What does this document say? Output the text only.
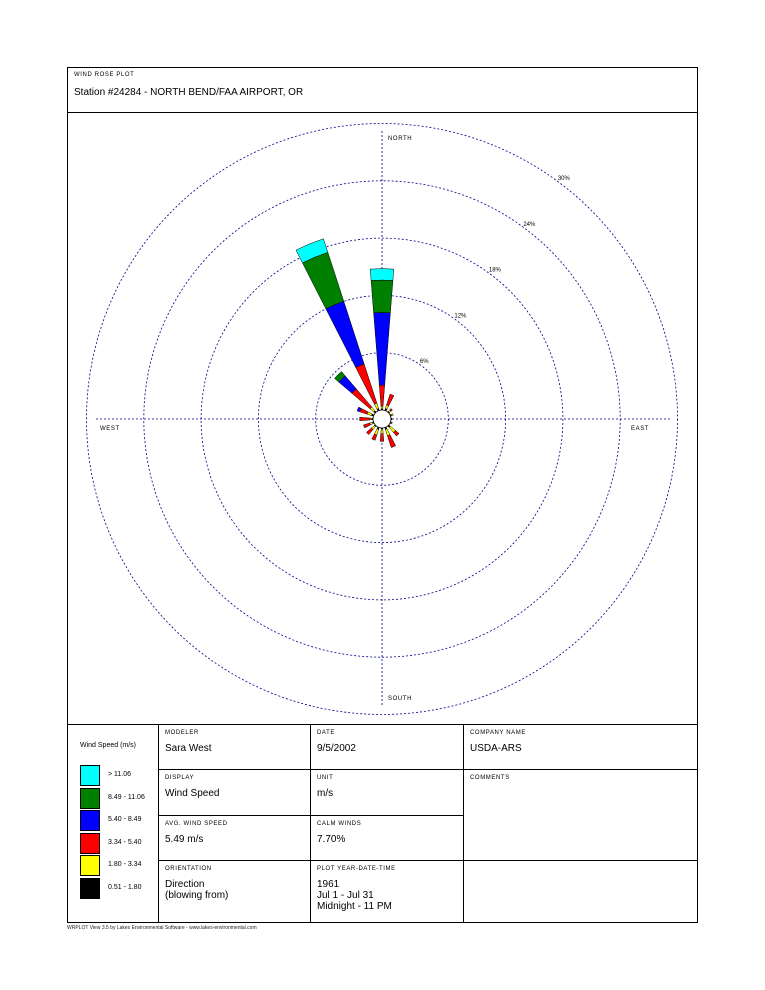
WIND ROSE PLOT
Station #24284 - NORTH BEND/FAA AIRPORT, OR
NORTH
SOUTH
EAST
WEST
6%
12%
18%
24%
30%
Wind Speed (m/s)
> 11.06
8.49 - 11.06
5.40 - 8.49
3.34 - 5.40
1.80 - 3.34
0.51 - 1.80
MODELER
Sara West
DATE
9/5/2002
COMPANY NAME
USDA-ARS
DISPLAY
Wind Speed
UNIT
m/s
COMMENTS
AVG. WIND SPEED
5.49 m/s
CALM WINDS
7.70%
ORIENTATION
Direction
(blowing from)
PLOT YEAR-DATE-TIME
1961
Jul 1 - Jul 31
Midnight - 11 PM
WRPLOT View 3.5 by Lakes Environmental Software - www.lakes-environmental.com
